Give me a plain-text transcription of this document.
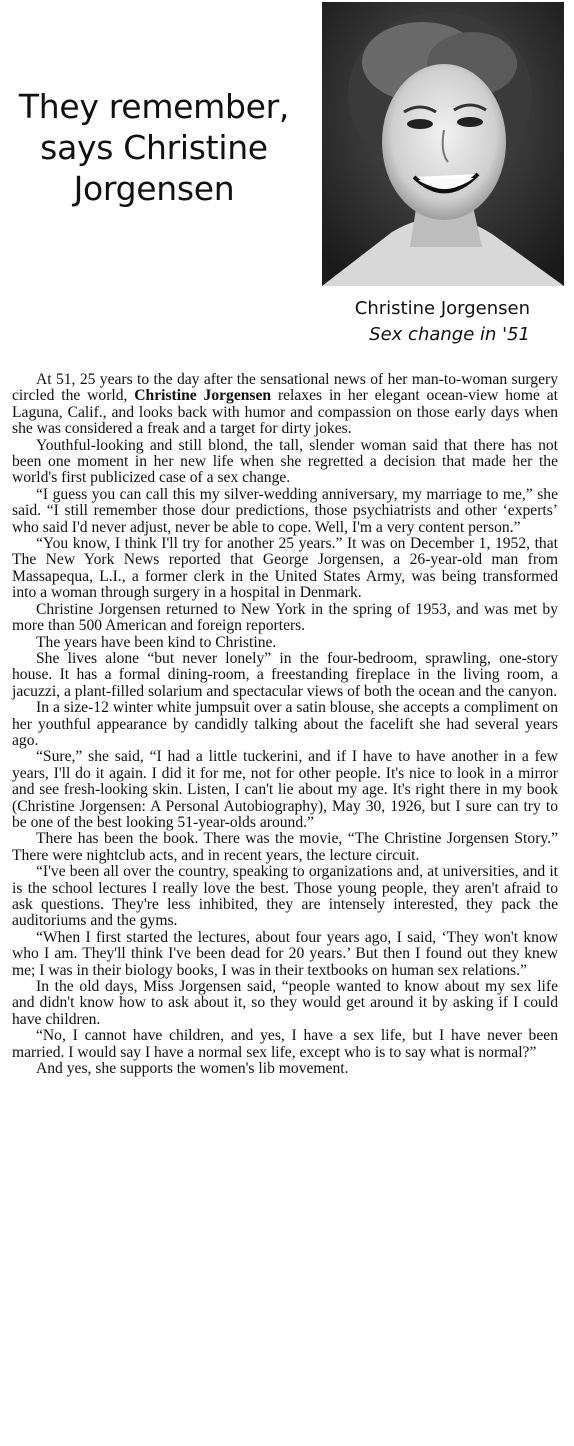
They remember,
says Christine
Jorgensen
Christine Jorgensen
Sex change in '51

At 51, 25 years to the day after the sensational news of her man-to-woman surgery circled the world, Christine Jorgensen relaxes in her elegant ocean-view home at Laguna, Calif., and looks back with humor and compassion on those early days when she was considered a freak and a target for dirty jokes.

Youthful-looking and still blond, the tall, slender woman said that there has not been one moment in her new life when she regretted a decision that made her the world's first publicized case of a sex change.

“I guess you can call this my silver-wedding anniversary, my marriage to me,” she said. “I still remember those dour predictions, those psychiatrists and other ‘experts’ who said I'd never adjust, never be able to cope. Well, I'm a very content person.”

“You know, I think I'll try for another 25 years.” It was on December 1, 1952, that The New York News reported that George Jorgensen, a 26-year-old man from Massapequa, L.I., a former clerk in the United States Army, was being transformed into a woman through surgery in a hospital in Denmark.

Christine Jorgensen returned to New York in the spring of 1953, and was met by more than 500 American and foreign reporters.

The years have been kind to Christine.

She lives alone “but never lonely” in the four-bedroom, sprawling, one-story house. It has a formal dining-room, a freestanding fireplace in the living room, a jacuzzi, a plant-filled solarium and spectacular views of both the ocean and the canyon.

In a size-12 winter white jumpsuit over a satin blouse, she accepts a compliment on her youthful appearance by candidly talking about the facelift she had several years ago.

“Sure,” she said, “I had a little tuckerini, and if I have to have another in a few years, I'll do it again. I did it for me, not for other people. It's nice to look in a mirror and see fresh-looking skin. Listen, I can't lie about my age. It's right there in my book (Christine Jorgensen: A Personal Autobiography), May 30, 1926, but I sure can try to be one of the best looking 51-year-olds around.”

There has been the book. There was the movie, “The Christine Jorgensen Story.” There were nightclub acts, and in recent years, the lecture circuit.

“I've been all over the country, speaking to organizations and, at universities, and it is the school lectures I really love the best. Those young people, they aren't afraid to ask questions. They're less inhibited, they are intensely interested, they pack the auditoriums and the gyms.

“When I first started the lectures, about four years ago, I said, ‘They won't know who I am. They'll think I've been dead for 20 years.’ But then I found out they knew me; I was in their biology books, I was in their textbooks on human sex relations.”

In the old days, Miss Jorgensen said, “people wanted to know about my sex life and didn't know how to ask about it, so they would get around it by asking if I could have children.

“No, I cannot have children, and yes, I have a sex life, but I have never been married. I would say I have a normal sex life, except who is to say what is normal?”

And yes, she supports the women's lib movement.
